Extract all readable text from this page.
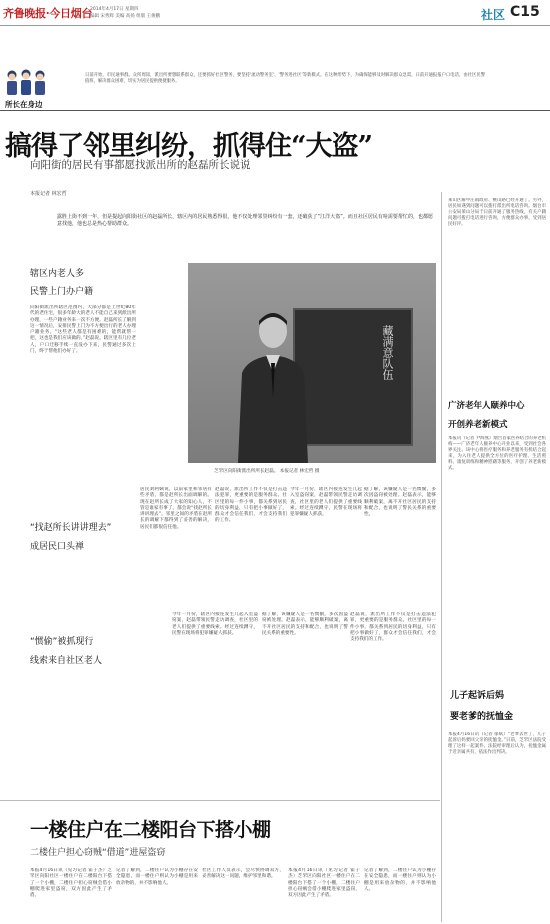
齐鲁晚报·今日烟台
2014年4月17日 星期四
编辑 宋秀辉 美编 高扬 组版 王俊鹏	社区 C15
所长在身边
日前开始，市民通事群。众所周知，派出所要想联系群众，还要抓好社区警务，要坚持'流动警务室'、'警务进社区'等新模式。在这种形势下，为确保能够及时解决群众急需，日前开通报报户口电话，由社区民警值班，解决群众困难，切实为居民提供便捷服务。
搞得了邻里纠纷，抓得住“大盗”
向阳街的居民有事都愿找派出所的赵磊所长说说
本报记者 林宏哲
露胜上街不到一年，但是提起向阳街社区的赵磊所长，辖区内的居民熟悉得很，他不仅处理邻里纠纷有一套，还破获了“江洋大盗”。而且社区居民有啥需要帮忙的，也都愿意找他，他也总是热心帮助群众。
辖区内老人多
民警上门办户籍
向阳街派出所辖区范围内，大部分都是上世纪80年代的老住宅，很多年龄大的老人不能自己来到派出所办理，一些户籍业务来一次不方便。赵磊所长了解到这一情况后，安排民警上门为不方便出行的老人办理户籍业务。“这些老人都是有困难的，能帮就帮一把，这也是我们应该做的。”赵磊说。辖区里有几位老人，户口迁移手续一直没办下来，民警通过多次上门，终于帮他们办好了。	藏满意队伍
芝罘区向阳街派出所所长赵磊。 本报记者 林宏哲 摄
“找赵所长讲讲理去”
成居民口头禅
居民刘阿姨说，以前家里和邻居有些矛盾，都是赵所长出面调解的。现在赵所长成了大家的知心人，不管是谁家有事了，都会说“找赵所长讲讲理去”。邻里之间的矛盾在赵所长的调解下都得到了妥善的解决，居民们都很信任他。
赵磊说，派出所工作不仅是打击违法犯罪，更重要的是服务群众。社区里的每一件小事，都关系到居民的切身利益，只有把小事做好了，群众才会信任我们，才会支持我们的工作。
今年一月份，辖区内接连发生几起入室盗窃案，赵磊带领民警走访调查，社区里的老人们提供了重要线索。经过连续蹲守，民警在现场将犯罪嫌疑人抓获。
据了解，该嫌疑人是一名惯偷，多次因盗窃被处理。赵磊表示，能够顺利破案，离不开社区居民的支持和配合，也说明了警民关系的重要性。
“惯偷”被抓现行
线索来自社区老人
今年一月份，辖区内接连发生几起入室盗窃案，赵磊带领民警走访调查，社区里的老人们提供了重要线索。经过连续蹲守，民警在现场将犯罪嫌疑人抓获。
据了解，该嫌疑人是一名惯偷，多次因盗窃被处理。赵磊表示，能够顺利破案，离不开社区居民的支持和配合，也说明了警民关系的重要性。
赵磊说，派出所工作不仅是打击违法犯罪，更重要的是服务群众。社区里的每一件小事，都关系到居民的切身利益，只有把小事做好了，群众才会信任我们，才会支持我们的工作。
莱山区解甲庄镇政府、桃山路已经开通了。另外，居民如遇到问题可以拨打派出所电话咨询。烟台市公安局莱山分局于日前开通了服务热线，有关户籍问题可拨打电话进行咨询，方便群众办事，受到居民好评。
广济老年人颐养中心
开创养老新模式
本报讯（记者 尹海燕）烟台首家医养结合的养老机构——广济老年人颐养中心开业以来，受到社会各界关注。该中心将医疗服务和养老服务有机结合起来，为入住老人提供全方位的医疗护理、生活照料、康复训练和精神慰藉等服务，开创了养老新模式。
儿子起诉后妈
要老爹的抚恤金
本报4月16日讯（记者 郁斌）“老爹去世了，儿子起诉后妈要回父亲的抚恤金。”日前，芝罘区法院受理了这样一起案件。法院经审理后认为，抚恤金属于近亲属共有，依法作出判决。
一楼住户在二楼阳台下搭小棚
二楼住户担心窃贼“借道”进屋盗窃
本报4月16日讯（见习记者 霍子杰）芝罘区向阳社区一楼住户在二楼阳台下搭了一个小棚，二楼住户担心窃贼会借小棚爬进家里盗窃，双方因此产生了矛盾。
记者了解到，二楼住户认为小棚存在安全隐患，而一楼住户则认为小棚是用来放杂物的，并不影响他人。
社区工作人员表示，会尽快协调双方，妥善解决这一问题，维护邻里和谐。
本报4月16日讯（见习记者 霍子杰）芝罘区向阳社区一楼住户在二楼阳台下搭了一个小棚，二楼住户担心窃贼会借小棚爬进家里盗窃，双方因此产生了矛盾。
记者了解到，二楼住户认为小棚存在安全隐患，而一楼住户则认为小棚是用来放杂物的，并不影响他人。
